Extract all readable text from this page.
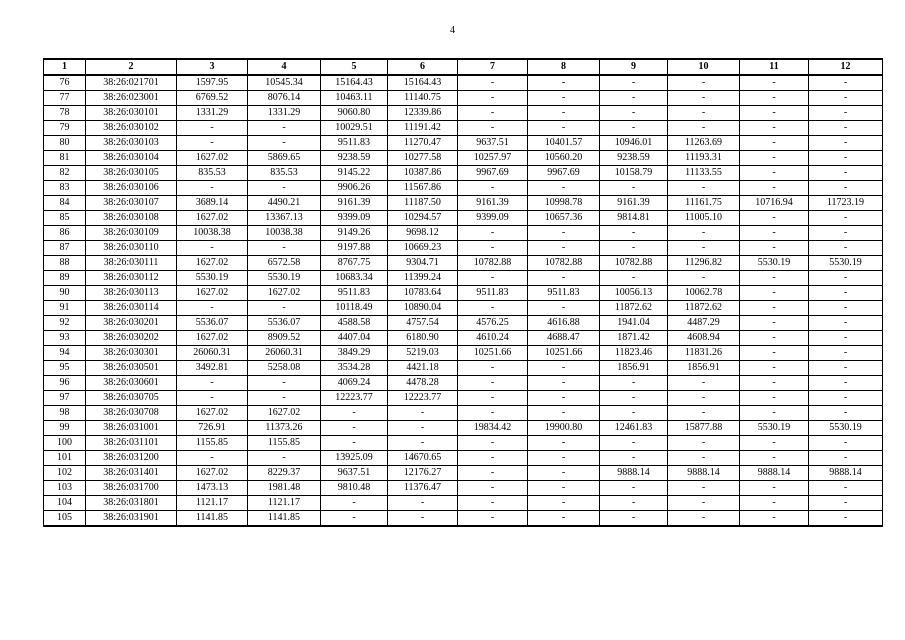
4
1	2	3	4	5	6	7	8	9	10	11	12
76	38:26:021701	1597.95	10545.34	15164.43	15164.43	-	-	-	-	-	-
77	38:26:023001	6769.52	8076.14	10463.11	11140.75	-	-	-	-	-	-
78	38:26:030101	1331.29	1331.29	9060.80	12339.86	-	-	-	-	-	-
79	38:26:030102	-	-	10029.51	11191.42	-	-	-	-	-	-
80	38:26:030103	-	-	9511.83	11270.47	9637.51	10401.57	10946.01	11263.69	-	-
81	38:26:030104	1627.02	5869.65	9238.59	10277.58	10257.97	10560.20	9238.59	11193.31	-	-
82	38:26:030105	835.53	835.53	9145.22	10387.86	9967.69	9967.69	10158.79	11133.55	-	-
83	38:26:030106	-	-	9906.26	11567.86	-	-	-	-	-	-
84	38:26:030107	3689.14	4490.21	9161.39	11187.50	9161.39	10998.78	9161.39	11161.75	10716.94	11723.19
85	38:26:030108	1627.02	13367.13	9399.09	10294.57	9399.09	10657.36	9814.81	11005.10	-	-
86	38:26:030109	10038.38	10038.38	9149.26	9698.12	-	-	-	-	-	-
87	38:26:030110	-	-	9197.88	10669.23	-	-	-	-	-	-
88	38:26:030111	1627.02	6572.58	8767.75	9304.71	10782.88	10782.88	10782.88	11296.82	5530.19	5530.19
89	38:26:030112	5530.19	5530.19	10683.34	11399.24	-	-	-	-	-	-
90	38:26:030113	1627.02	1627.02	9511.83	10783.64	9511.83	9511.83	10056.13	10062.78	-	-
91	38:26:030114	-	-	10118.49	10890.04	-	-	11872.62	11872.62	-	-
92	38:26:030201	5536.07	5536.07	4588.58	4757.54	4576.25	4616.88	1941.04	4487.29	-	-
93	38:26:030202	1627.02	8909.52	4407.04	6180.90	4610.24	4688.47	1871.42	4608.94	-	-
94	38:26:030301	26060.31	26060.31	3849.29	5219.03	10251.66	10251.66	11823.46	11831.26	-	-
95	38:26:030501	3492.81	5258.08	3534.28	4421.18	-	-	1856.91	1856.91	-	-
96	38:26:030601	-	-	4069.24	4478.28	-	-	-	-	-	-
97	38:26:030705	-	-	12223.77	12223.77	-	-	-	-	-	-
98	38:26:030708	1627.02	1627.02	-	-	-	-	-	-	-	-
99	38:26:031001	726.91	11373.26	-	-	19834.42	19900.80	12461.83	15877.88	5530.19	5530.19
100	38:26:031101	1155.85	1155.85	-	-	-	-	-	-	-	-
101	38:26:031200	-	-	13925.09	14670.65	-	-	-	-	-	-
102	38:26:031401	1627.02	8229.37	9637.51	12176.27	-	-	9888.14	9888.14	9888.14	9888.14
103	38:26:031700	1473.13	1981.48	9810.48	11376.47	-	-	-	-	-	-
104	38:26:031801	1121.17	1121.17	-	-	-	-	-	-	-	-
105	38:26:031901	1141.85	1141.85	-	-	-	-	-	-	-	-
